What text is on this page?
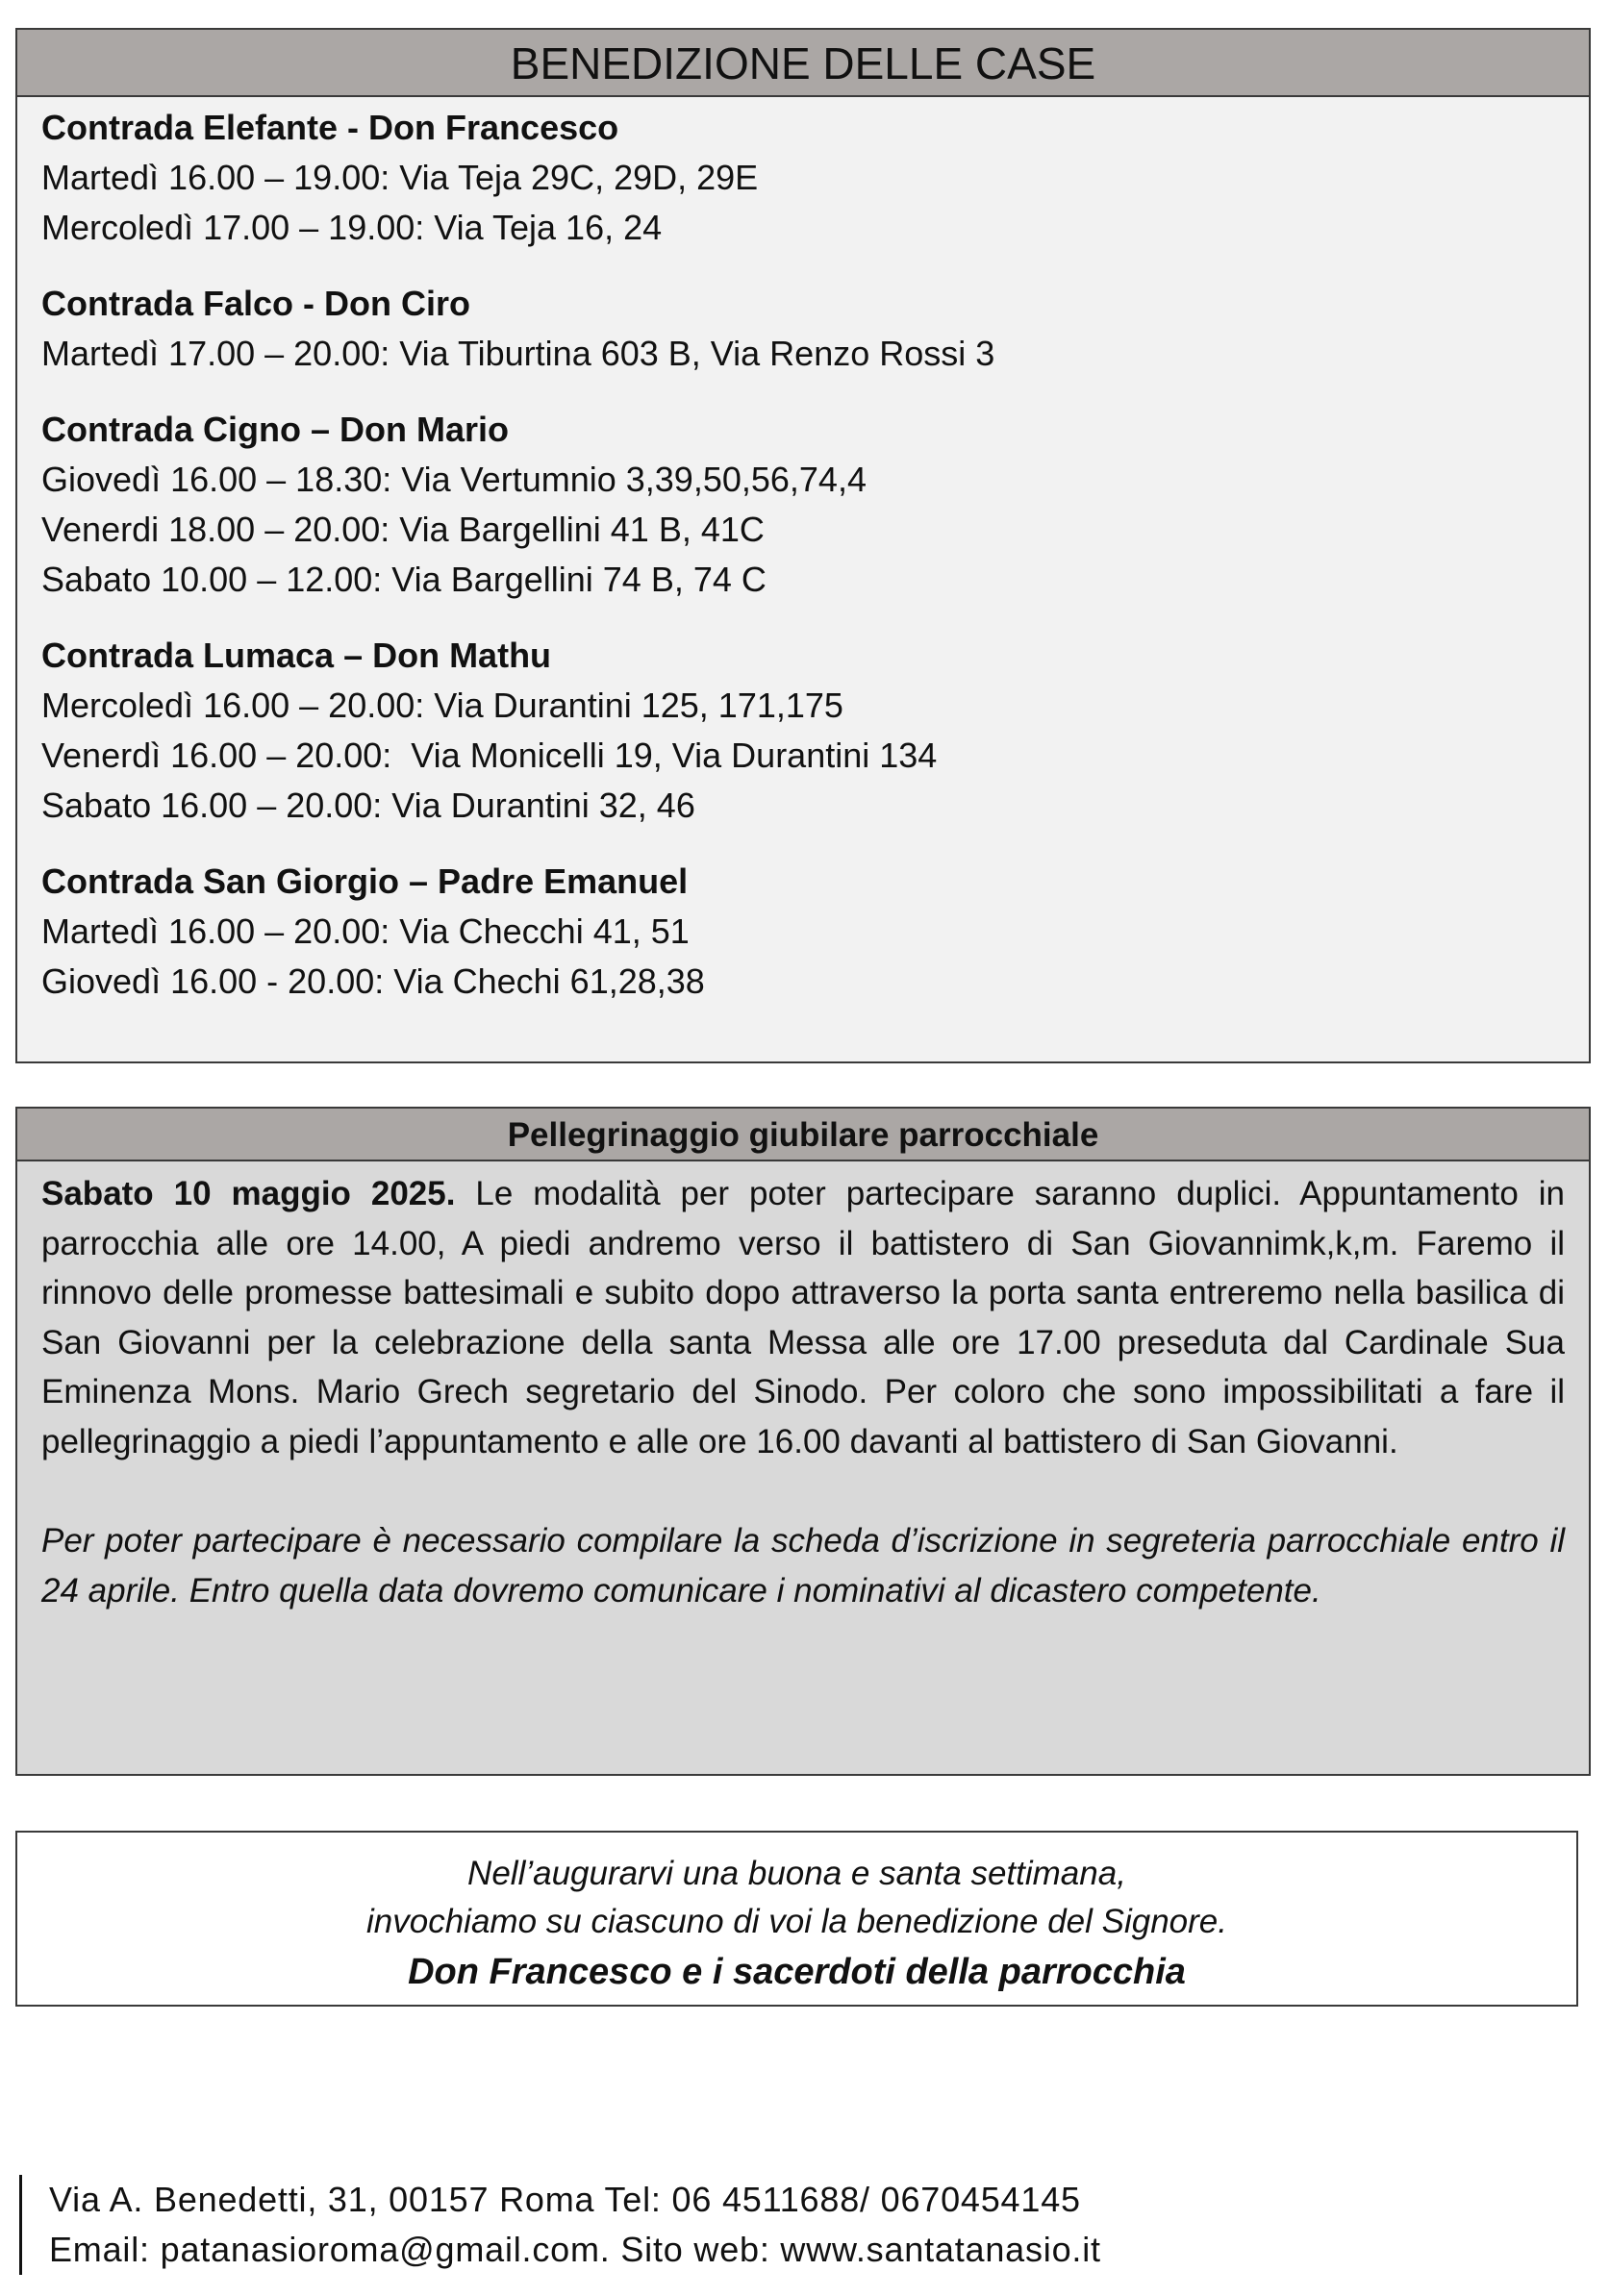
BENEDIZIONE DELLE CASE
Contrada Elefante - Don Francesco
Martedì 16.00 – 19.00: Via Teja 29C, 29D, 29E
Mercoledì 17.00 – 19.00: Via Teja 16, 24
Contrada Falco - Don Ciro
Martedì 17.00 – 20.00: Via Tiburtina 603 B, Via Renzo Rossi 3
Contrada Cigno – Don Mario
Giovedì 16.00 – 18.30: Via Vertumnio 3,39,50,56,74,4
Venerdi 18.00 – 20.00: Via Bargellini 41 B, 41C
Sabato 10.00 – 12.00: Via Bargellini 74 B, 74 C
Contrada Lumaca – Don Mathu
Mercoledì 16.00 – 20.00: Via Durantini 125, 171,175
Venerdì 16.00 – 20.00:  Via Monicelli 19, Via Durantini 134
Sabato 16.00 – 20.00: Via Durantini 32, 46
Contrada San Giorgio – Padre Emanuel
Martedì 16.00 – 20.00: Via Checchi 41, 51
Giovedì 16.00 - 20.00: Via Chechi 61,28,38
Pellegrinaggio giubilare parrocchiale

Sabato 10 maggio 2025. Le modalità per poter partecipare saranno duplici. Appuntamento in parrocchia alle ore 14.00, A piedi andremo verso il battistero di San Giovannimk,k,m. Faremo il rinnovo delle promesse battesimali e subito dopo attraverso la porta santa entreremo nella basilica di San Giovanni per la celebrazione della santa Messa alle ore 17.00 preseduta dal Cardinale Sua Eminenza Mons. Mario Grech segretario del Sinodo. Per coloro che sono impossibilitati a fare il pellegrinaggio a piedi l’appuntamento e alle ore 16.00 davanti al battistero di San Giovanni.

Per poter partecipare è necessario compilare la scheda d’iscrizione in segreteria parrocchiale entro il 24 aprile. Entro quella data dovremo comunicare i nominativi al dicastero competente.

Nell’augurarvi una buona e santa settimana,
invochiamo su ciascuno di voi la benedizione del Signore.
Don Francesco e i sacerdoti della parrocchia
Via A. Benedetti, 31, 00157 Roma Tel: 06 4511688/ 0670454145
Email: patanasioroma@gmail.com. Sito web: www.santatanasio.it
